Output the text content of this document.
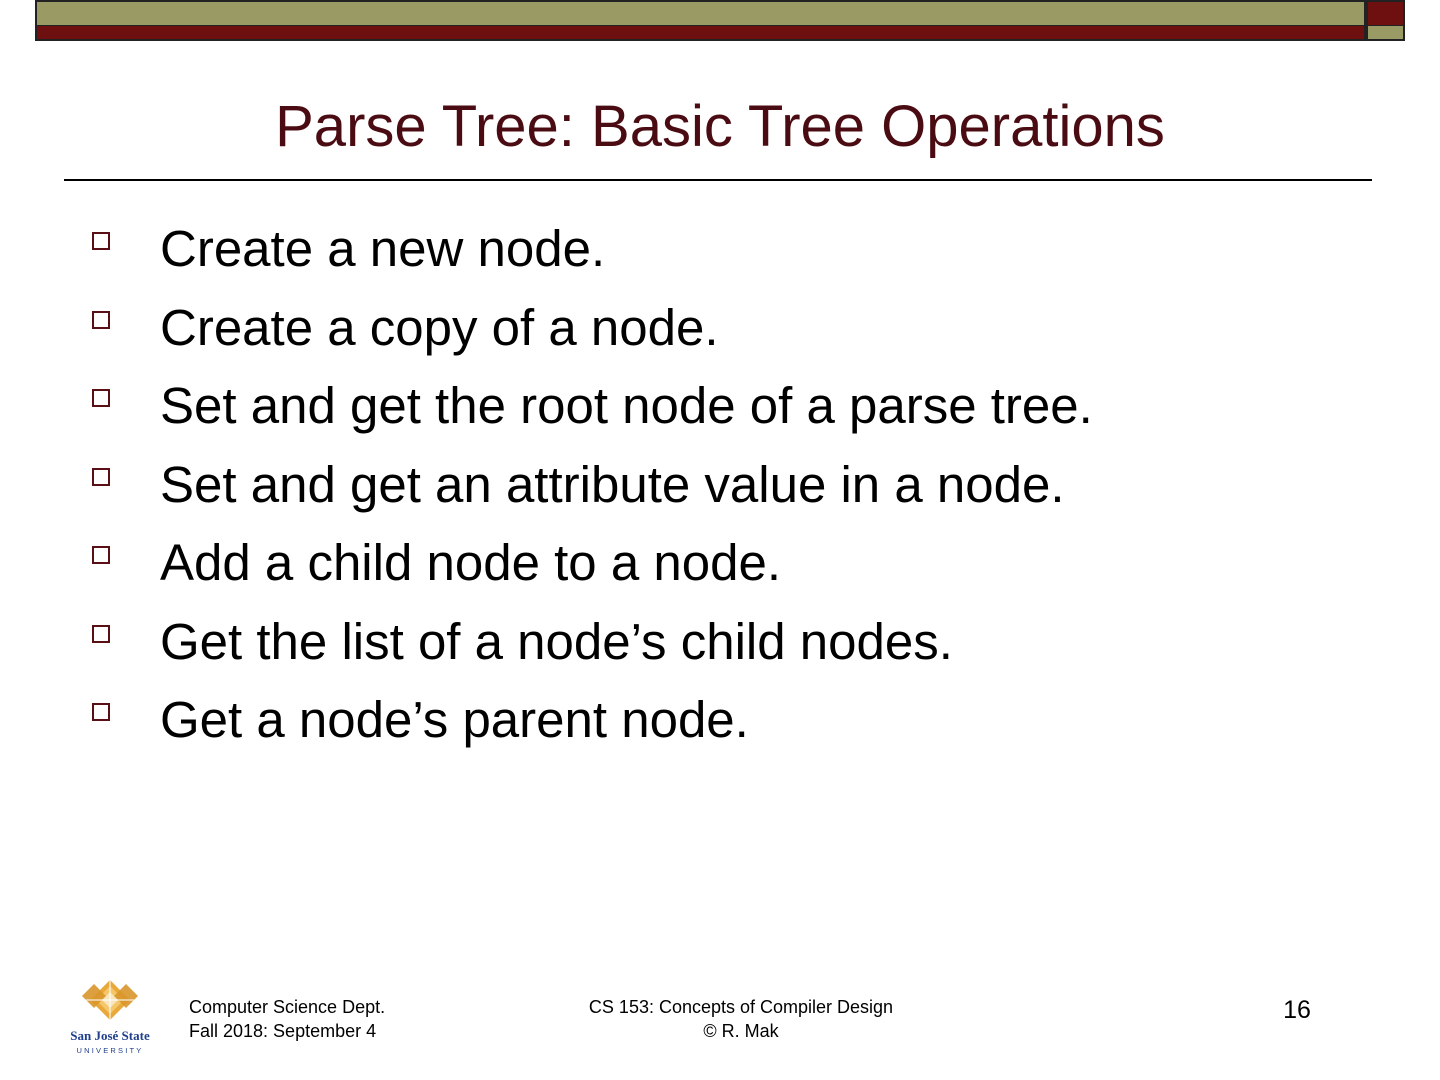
Parse Tree: Basic Tree Operations
Create a new node.
Create a copy of a node.
Set and get the root node of a parse tree.
Set and get an attribute value in a node.
Add a child node to a node.
Get the list of a node’s child nodes.
Get a node’s parent node.
San José State
UNIVERSITY
Computer Science Dept.
Fall 2018: September 4
CS 153: Concepts of Compiler Design
© R. Mak
16
